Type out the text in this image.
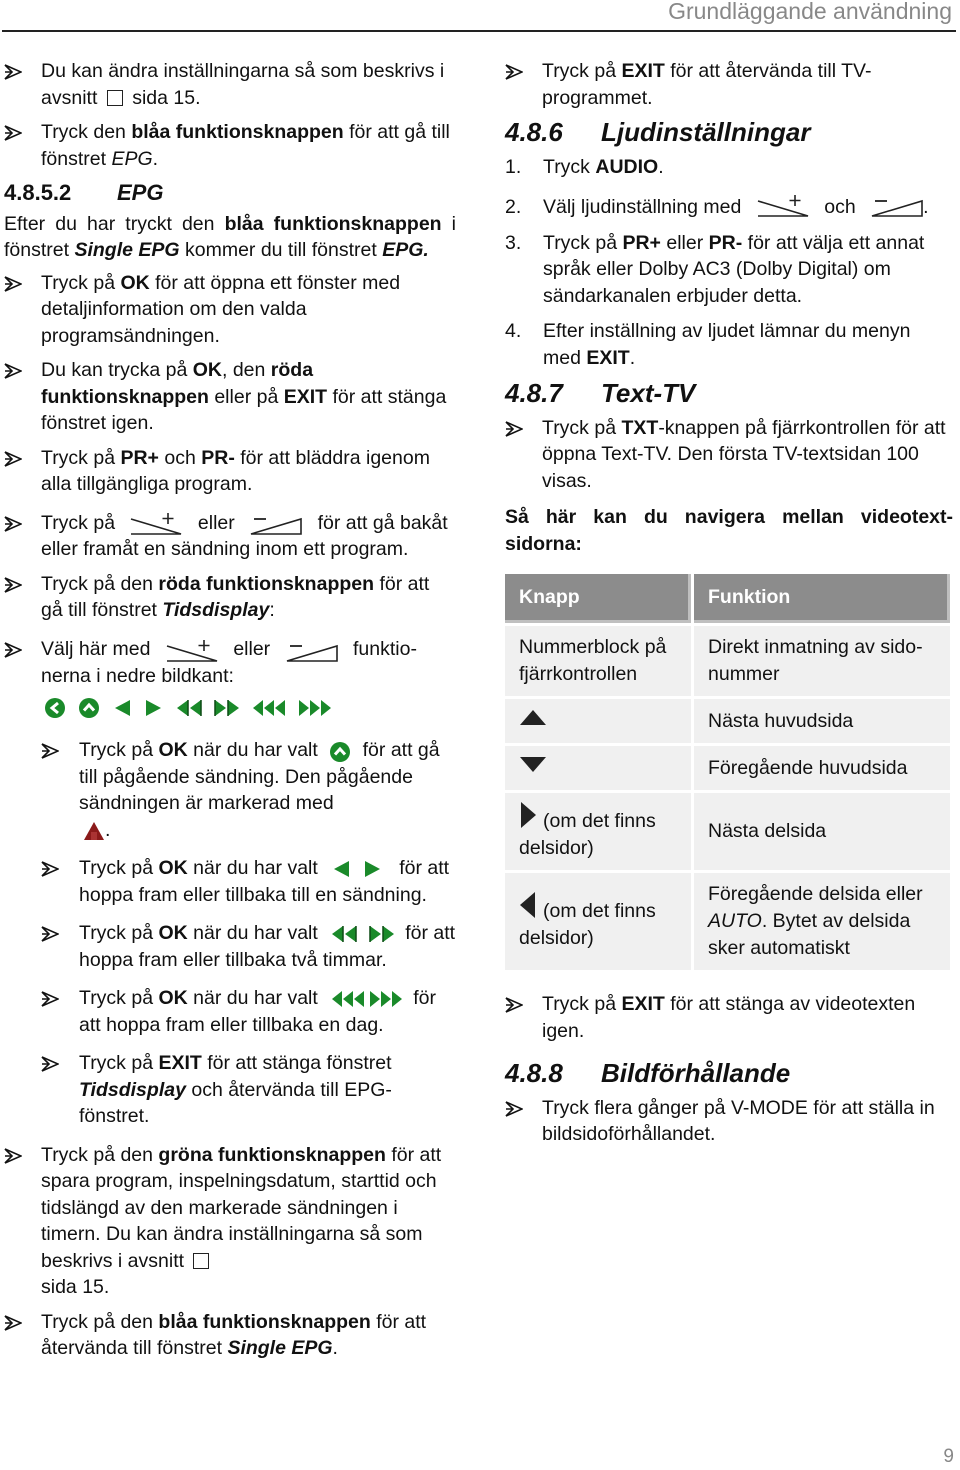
Grundläggande användning
Du kan ändra inställningarna så som beskrivs i avsnitt sida 15.
Tryck den blåa funktionsknappen för att gå till fönstret EPG.
4.8.5.2 EPG
Efter du har tryckt den blåa funktionsknappen i fönstret Single EPG kommer du till fönstret EPG.
Tryck på OK för att öppna ett fönster med detaljinformation om den valda programsändningen.
Du kan trycka på OK, den röda funktionsknappen eller på EXIT för att stänga fönstret igen.
Tryck på PR+ och PR- för att bläddra igenom alla tillgängliga program.
Tryck på	eller	för att gå bakåt eller framåt en sändning inom ett program.
Tryck på den röda funktionsknappen för att gå till fönstret Tidsdisplay:
Välj här med	eller	funktio-nerna i nedre bildkant:
Tryck på OK när du har valt för att gå till pågående sändning. Den pågående sändningen är markerad med
.
Tryck på OK när du har valt	för att hoppa fram eller tillbaka till en sändning.
Tryck på OK när du har valt	för att hoppa fram eller tillbaka två timmar.
Tryck på OK när du har valt	för att hoppa fram eller tillbaka en dag.
Tryck på EXIT för att stänga fönstret Tidsdisplay och återvända till EPG-fönstret.
Tryck på den gröna funktionsknappen för att spara program, inspelningsdatum, starttid och tidslängd av den markerade sändningen i timern. Du kan ändra inställningarna så som beskrivs i avsnitt
sida 15.
Tryck på den blåa funktionsknappen för att återvända till fönstret Single EPG.
Tryck på EXIT för att återvända till TV-programmet.
4.8.6 Ljudinställningar
1. Tryck AUDIO.
2. Välj ljudinställning med	och	.
3. Tryck på PR+ eller PR- för att välja ett annat språk eller Dolby AC3 (Dolby Digital) om sändarkanalen erbjuder detta.
4. Efter inställning av ljudet lämnar du menyn med EXIT.
4.8.7 Text-TV
Tryck på TXT-knappen på fjärrkontrollen för att öppna Text-TV. Den första TV-textsidan 100 visas.
Så här kan du navigera mellan videotext-sidorna:
Knapp	Funktion
Nummerblock på fjärrkontrollen	Direkt inmatning av sido-nummer
	Nästa huvudsida
	Föregående huvudsida
(om det finns delsidor)	Nästa delsida
(om det finns delsidor)	Föregående delsida eller AUTO. Bytet av delsida sker automatiskt
Tryck på EXIT för att stänga av videotexten igen.
4.8.8 Bildförhållande
Tryck flera gånger på V-MODE för att ställa in bildsidoförhållandet.
9
